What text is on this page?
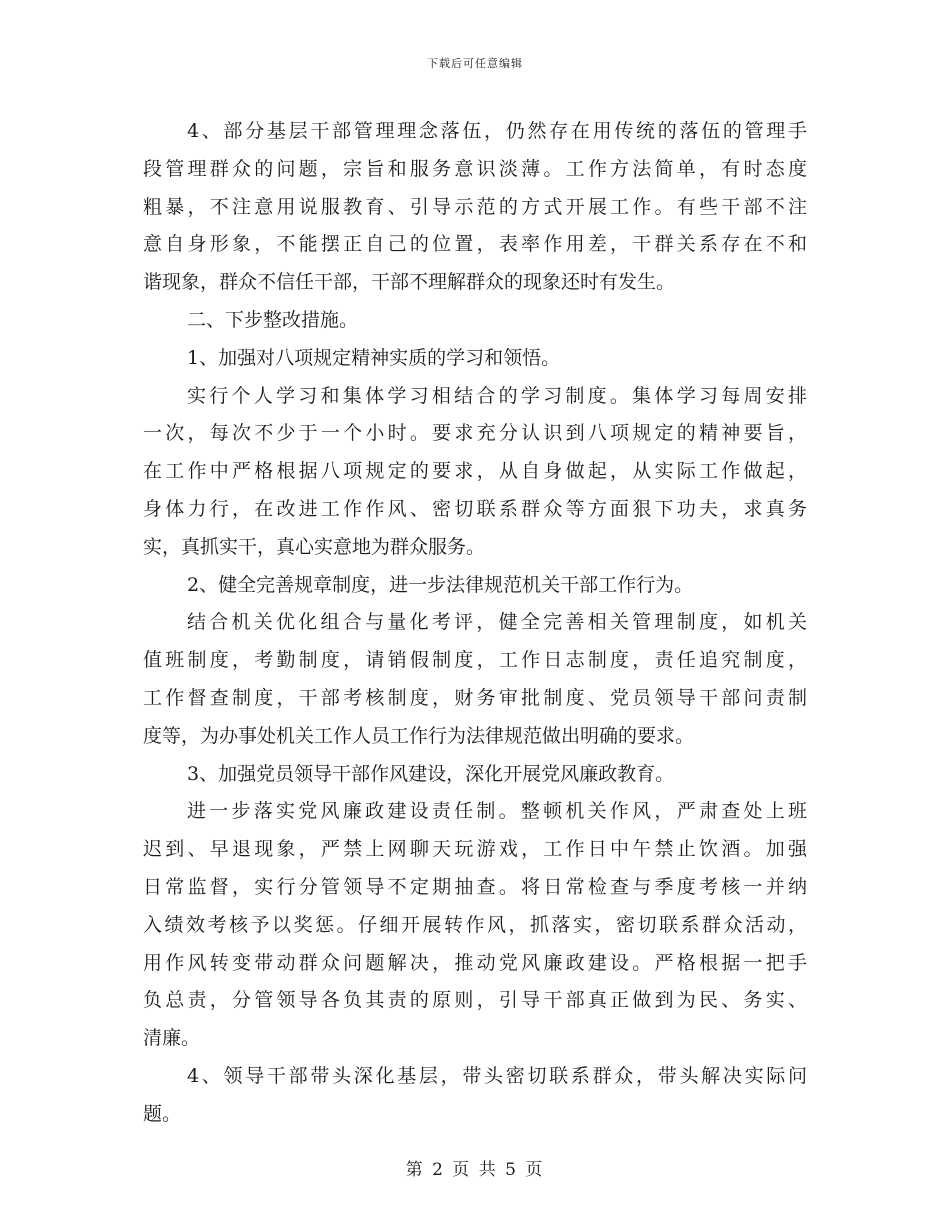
下载后可任意编辑
4、部分基层干部管理理念落伍，仍然存在用传统的落伍的管理手
段管理群众的问题，宗旨和服务意识淡薄。工作方法简单，有时态度
粗暴，不注意用说服教育、引导示范的方式开展工作。有些干部不注
意自身形象，不能摆正自己的位置，表率作用差，干群关系存在不和
谐现象，群众不信任干部，干部不理解群众的现象还时有发生。
二、下步整改措施。
1、加强对八项规定精神实质的学习和领悟。
实行个人学习和集体学习相结合的学习制度。集体学习每周安排
一次，每次不少于一个小时。要求充分认识到八项规定的精神要旨，
在工作中严格根据八项规定的要求，从自身做起，从实际工作做起，
身体力行，在改进工作作风、密切联系群众等方面狠下功夫，求真务
实，真抓实干，真心实意地为群众服务。
2、健全完善规章制度，进一步法律规范机关干部工作行为。
结合机关优化组合与量化考评，健全完善相关管理制度，如机关
值班制度，考勤制度，请销假制度，工作日志制度，责任追究制度，
工作督查制度，干部考核制度，财务审批制度、党员领导干部问责制
度等，为办事处机关工作人员工作行为法律规范做出明确的要求。
3、加强党员领导干部作风建设，深化开展党风廉政教育。
进一步落实党风廉政建设责任制。整顿机关作风，严肃查处上班
迟到、早退现象，严禁上网聊天玩游戏，工作日中午禁止饮酒。加强
日常监督，实行分管领导不定期抽查。将日常检查与季度考核一并纳
入绩效考核予以奖惩。仔细开展转作风，抓落实，密切联系群众活动，
用作风转变带动群众问题解决，推动党风廉政建设。严格根据一把手
负总责，分管领导各负其责的原则，引导干部真正做到为民、务实、
清廉。
4、领导干部带头深化基层，带头密切联系群众，带头解决实际问
题。
第 2 页 共 5 页
